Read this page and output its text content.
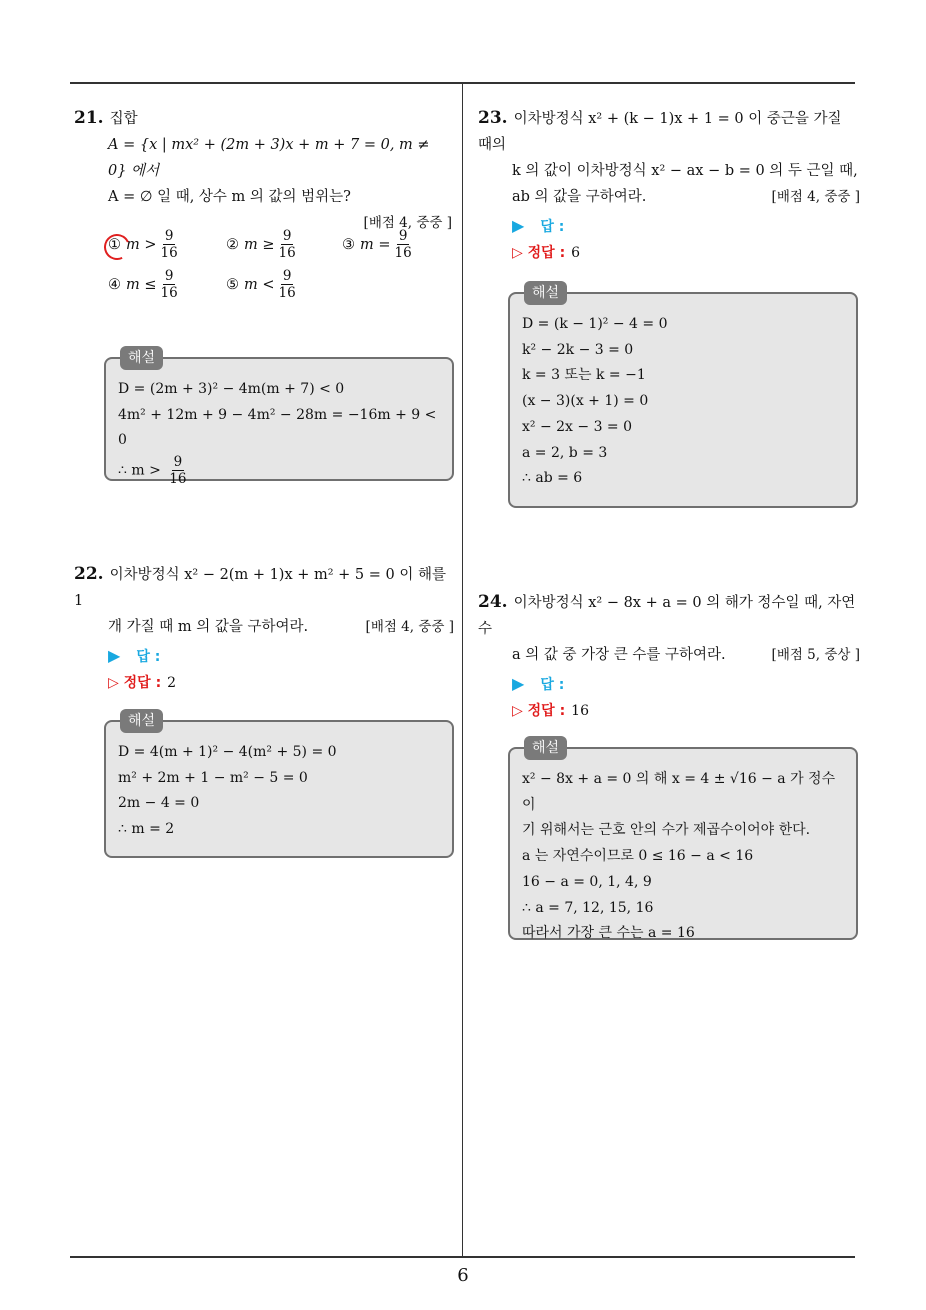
21. 집합
A = {x | mx² + (2m + 3)x + m + 7 = 0, m ≠ 0} 에서
A = ∅ 일 때, 상수 m 의 값의 범위는?
[배점 4, 중중 ]
① $m > \frac{9}{16}$	② $m \ge \frac{9}{16}$	③ $m = \frac{9}{16}$
④ $m \le \frac{9}{16}$	⑤ $m < \frac{9}{16}$
해설
D = (2m + 3)² − 4m(m + 7) < 0
4m² + 12m + 9 − 4m² − 28m = −16m + 9 < 0
∴ $m > \frac{9}{16}$
22. 이차방정식 x² − 2(m + 1)x + m² + 5 = 0 이 해를 1
개 가질 때 m 의 값을 구하여라.	[배점 4, 중중 ]
▶ 답 :
▷ 정답 : 2
해설
D = 4(m + 1)² − 4(m² + 5) = 0
m² + 2m + 1 − m² − 5 = 0
2m − 4 = 0
∴ m = 2
23. 이차방정식 x² + (k − 1)x + 1 = 0 이 중근을 가질 때의
k 의 값이 이차방정식 x² − ax − b = 0 의 두 근일 때,
ab 의 값을 구하여라.	[배점 4, 중중 ]
▶ 답 :
▷ 정답 : 6
해설
D = (k − 1)² − 4 = 0
k² − 2k − 3 = 0
k = 3 또는 k = −1
(x − 3)(x + 1) = 0
x² − 2x − 3 = 0
a = 2, b = 3
∴ ab = 6
24. 이차방정식 x² − 8x + a = 0 의 해가 정수일 때, 자연수
a 의 값 중 가장 큰 수를 구하여라.	[배점 5, 중상 ]
▶ 답 :
▷ 정답 : 16
해설
x² − 8x + a = 0 의 해 x = 4 ± √16 − a 가 정수이
기 위해서는 근호 안의 수가 제곱수이어야 한다.
a 는 자연수이므로 0 ≤ 16 − a < 16
16 − a = 0, 1, 4, 9
∴ a = 7, 12, 15, 16
따라서 가장 큰 수는 a = 16
6
